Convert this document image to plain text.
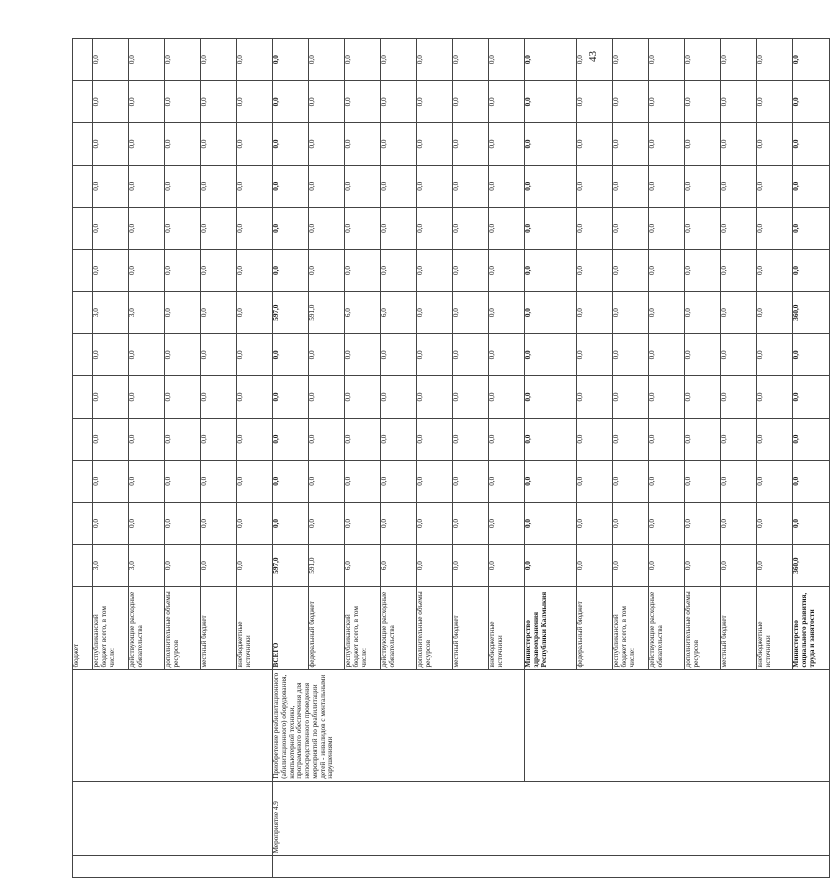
43
			бюджет													
			республиканский бюджет всего, в том числе:	3,0	0,0	0,0	0,0	0,0	0,0	3,0	0,0	0,0	0,0	0,0	0,0	0,0
			действующие расходные обязательства	3,0	0,0	0,0	0,0	0,0	0,0	3,0	0,0	0,0	0,0	0,0	0,0	0,0
			дополнительные объемы ресурсов	0,0	0,0	0,0	0,0	0,0	0,0	0,0	0,0	0,0	0,0	0,0	0,0	0,0
			местный бюджет	0,0	0,0	0,0	0,0	0,0	0,0	0,0	0,0	0,0	0,0	0,0	0,0	0,0
			внебюджетные источники	0,0	0,0	0,0	0,0	0,0	0,0	0,0	0,0	0,0	0,0	0,0	0,0	0,0
	Мероприятие 4.9	Приобретение реабилитационного (абилитационного) оборудования, компьютерной техники, программного обеспечения для непосредственного проведения мероприятий по реабилитации детей - инвалидов с ментальными нарушениями	ВСЕГО	597,0	0,0	0,0	0,0	0,0	0,0	597,0	0,0	0,0	0,0	0,0	0,0	0,0
			федеральный бюджет	591,0	0,0	0,0	0,0	0,0	0,0	591,0	0,0	0,0	0,0	0,0	0,0	0,0
			республиканский бюджет всего, в том числе:	6,0	0,0	0,0	0,0	0,0	0,0	6,0	0,0	0,0	0,0	0,0	0,0	0,0
			действующие расходные обязательства	6,0	0,0	0,0	0,0	0,0	0,0	6,0	0,0	0,0	0,0	0,0	0,0	0,0
			дополнительные объемы ресурсов	0,0	0,0	0,0	0,0	0,0	0,0	0,0	0,0	0,0	0,0	0,0	0,0	0,0
			местный бюджет	0,0	0,0	0,0	0,0	0,0	0,0	0,0	0,0	0,0	0,0	0,0	0,0	0,0
			внебюджетные источники	0,0	0,0	0,0	0,0	0,0	0,0	0,0	0,0	0,0	0,0	0,0	0,0	0,0
			Министерство здравоохранения Республики Калмыкия	0,0	0,0	0,0	0,0	0,0	0,0	0,0	0,0	0,0	0,0	0,0	0,0	0,0
			федеральный бюджет	0,0	0,0	0,0	0,0	0,0	0,0	0,0	0,0	0,0	0,0	0,0	0,0	0,0
			республиканский бюджет всего, в том числе:	0,0	0,0	0,0	0,0	0,0	0,0	0,0	0,0	0,0	0,0	0,0	0,0	0,0
			действующие расходные обязательства	0,0	0,0	0,0	0,0	0,0	0,0	0,0	0,0	0,0	0,0	0,0	0,0	0,0
			дополнительные объемы ресурсов	0,0	0,0	0,0	0,0	0,0	0,0	0,0	0,0	0,0	0,0	0,0	0,0	0,0
			местный бюджет	0,0	0,0	0,0	0,0	0,0	0,0	0,0	0,0	0,0	0,0	0,0	0,0	0,0
			внебюджетные источники	0,0	0,0	0,0	0,0	0,0	0,0	0,0	0,0	0,0	0,0	0,0	0,0	0,0
			Министерство социального развития, труда и занятости	360,0	0,0	0,0	0,0	0,0	0,0	360,0	0,0	0,0	0,0	0,0	0,0	0,0
